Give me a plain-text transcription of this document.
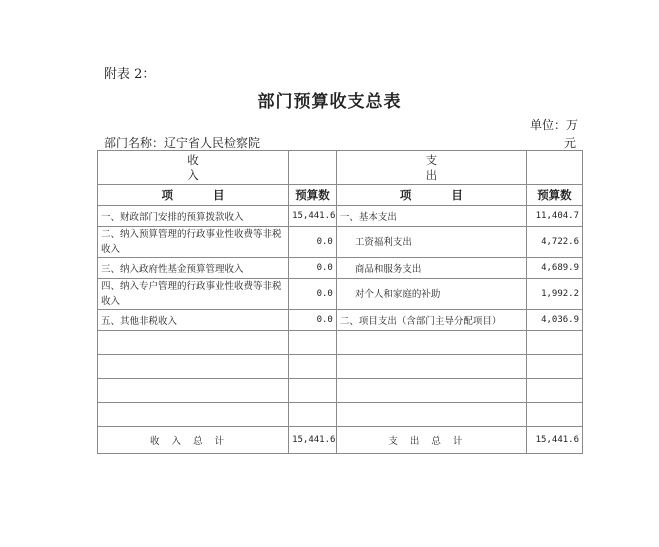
附表 2：
部门预算收支总表
单位：万
元
部门名称：辽宁省人民检察院
收
入		支
出	
项 目	预算数	项 目	预算数
一、财政部门安排的预算拨款收入	15,441.6	一、基本支出	11,404.7
二、纳入预算管理的行政事业性收费等非税收入	0.0	工资福利支出	4,722.6
三、纳入政府性基金预算管理收入	0.0	商品和服务支出	4,689.9
四、纳入专户管理的行政事业性收费等非税收入	0.0	对个人和家庭的补助	1,992.2
五、其他非税收入	0.0	二、项目支出（含部门主导分配项目）	4,036.9

收入总计	15,441.6	支出总计	15,441.6
